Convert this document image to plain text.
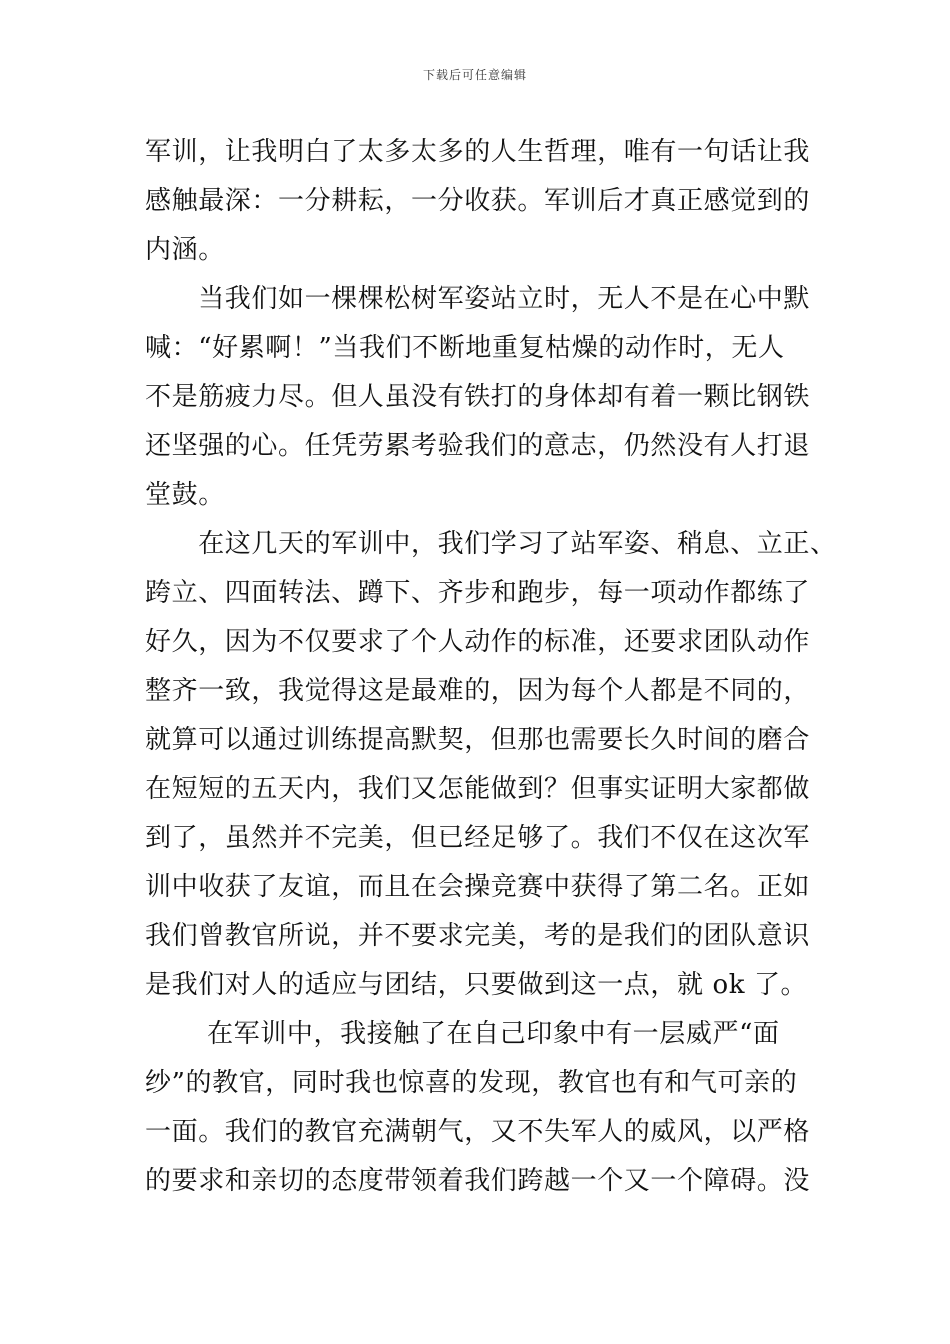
下载后可任意编辑
军训，让我明白了太多太多的人生哲理，唯有一句话让我
感触最深：一分耕耘，一分收获。军训后才真正感觉到的
内涵。
　　当我们如一棵棵松树军姿站立时，无人不是在心中默
喊：“好累啊！”当我们不断地重复枯燥的动作时，无人
不是筋疲力尽。但人虽没有铁打的身体却有着一颗比钢铁
还坚强的心。任凭劳累考验我们的意志，仍然没有人打退
堂鼓。
　　在这几天的军训中，我们学习了站军姿、稍息、立正、
跨立、四面转法、蹲下、齐步和跑步，每一项动作都练了
好久，因为不仅要求了个人动作的标准，还要求团队动作
整齐一致，我觉得这是最难的，因为每个人都是不同的，
就算可以通过训练提高默契，但那也需要长久时间的磨合
在短短的五天内，我们又怎能做到？但事实证明大家都做
到了，虽然并不完美，但已经足够了。我们不仅在这次军
训中收获了友谊，而且在会操竞赛中获得了第二名。正如
我们曾教官所说，并不要求完美，考的是我们的团队意识
是我们对人的适应与团结，只要做到这一点，就 ok 了。
　　 在军训中，我接触了在自己印象中有一层威严“面
纱”的教官，同时我也惊喜的发现，教官也有和气可亲的
一面。我们的教官充满朝气，又不失军人的威风，以严格
的要求和亲切的态度带领着我们跨越一个又一个障碍。没
